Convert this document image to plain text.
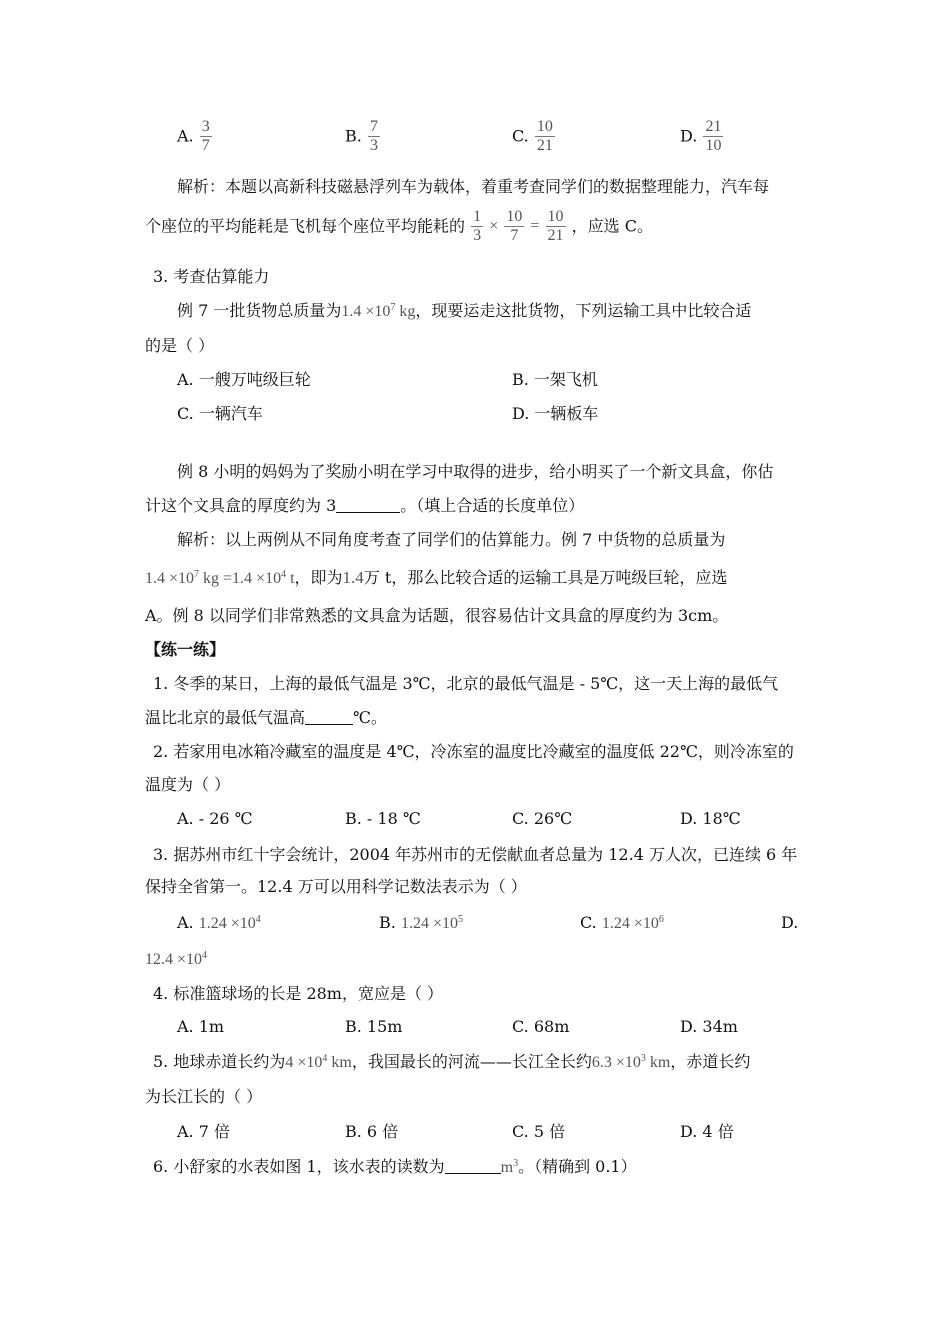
A. $\frac{3}{7}$	B. $\frac{7}{3}$	C. $\frac{10}{21}$	D. $\frac{21}{10}$
解析：本题以高新科技磁悬浮列车为载体，着重考查同学们的数据整理能力，汽车每
个座位的平均能耗是飞机每个座位平均能耗的 $\frac{1}{3} \times \frac{10}{7} = \frac{10}{21}$ ，应选 C。
3. 考查估算能力
例 7 一批货物总质量为$1.4 \times 10^7$ kg，现要运走这批货物，下列运输工具中比较合适
的是（ ）
A. 一艘万吨级巨轮	B. 一架飞机
C. 一辆汽车	D. 一辆板车
例 8 小明的妈妈为了奖励小明在学习中取得的进步，给小明买了一个新文具盒，你估
计这个文具盒的厚度约为 3	。（填上合适的长度单位）
解析：以上两例从不同角度考查了同学们的估算能力。例 7 中货物的总质量为
$1.4 \times 10^7$ kg $=1.4 \times 10^4$ t，即为1.4万 t，那么比较合适的运输工具是万吨级巨轮，应选
A。例 8 以同学们非常熟悉的文具盒为话题，很容易估计文具盒的厚度约为 3cm。
【练一练】
1. 冬季的某日，上海的最低气温是 3℃，北京的最低气温是 - 5℃，这一天上海的最低气
温比北京的最低气温高	℃。
2. 若家用电冰箱冷藏室的温度是 4℃，冷冻室的温度比冷藏室的温度低 22℃，则冷冻室的
温度为（ ）
A. - 26 ℃	B. - 18 ℃	C. 26℃	D. 18℃
3. 据苏州市红十字会统计，2004 年苏州市的无偿献血者总量为 12.4 万人次，已连续 6 年
保持全省第一。12.4 万可以用科学记数法表示为（ ）
A. $1.24 \times 10^4$	B. $1.24 \times 10^5$	C. $1.24 \times 10^6$	D.
$12.4 \times 10^4$
4. 标准篮球场的长是 28m，宽应是（ ）
A. 1m	B. 15m	C. 68m	D. 34m
5. 地球赤道长约为$4 \times 10^4$ km，我国最长的河流——长江全长约$6.3 \times 10^3$ km，赤道长约
为长江长的（ ）
A. 7 倍	B. 6 倍	C. 5 倍	D. 4 倍
6. 小舒家的水表如图 1，该水表的读数为	$m^3$。（精确到 0.1）
